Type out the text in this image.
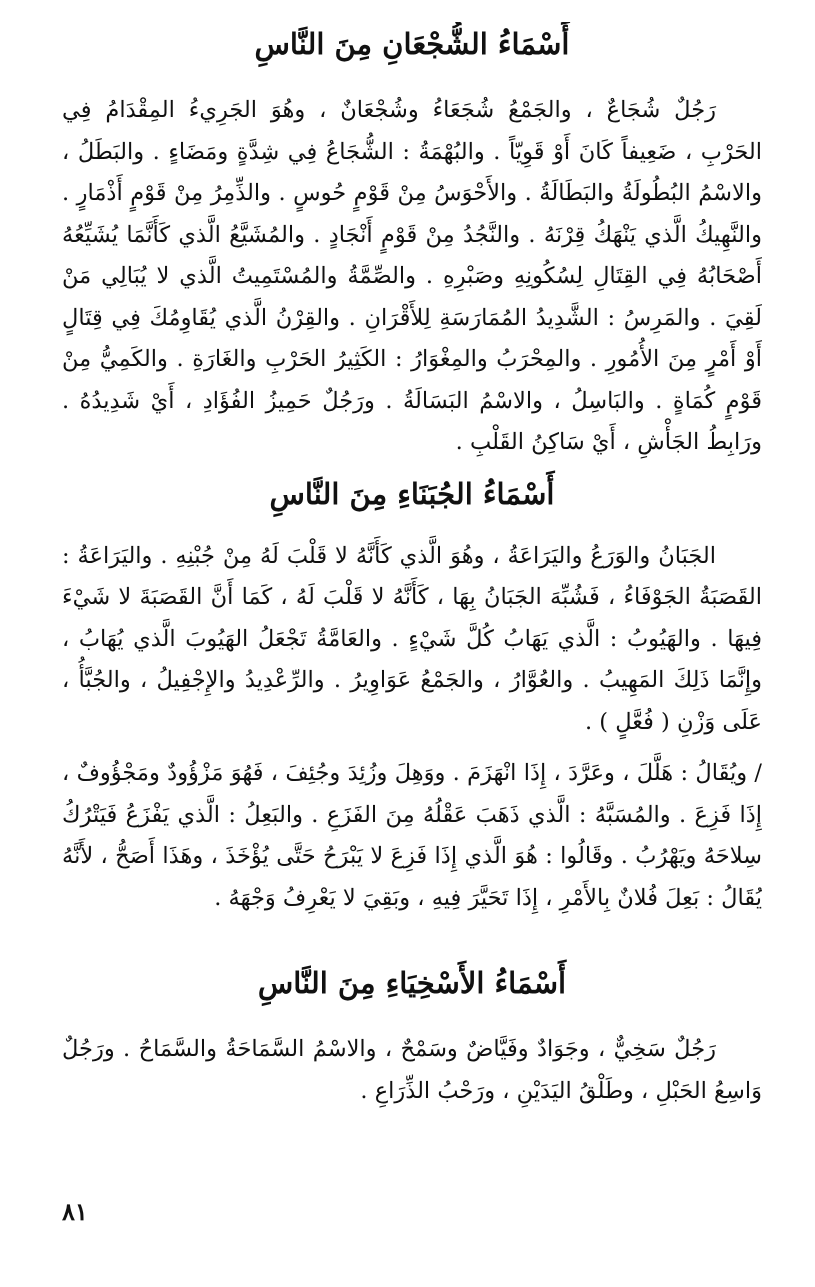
أَسْمَاءُ الشُّجْعَانِ مِنَ النَّاسِ

رَجُلٌ شُجَاعٌ ، والجَمْعُ شُجَعَاءُ وشُجْعَانٌ ، وهُوَ الجَرِيءُ المِقْدَامُ فِي الحَرْبِ ، ضَعِيفاً كَانَ أَوْ قَوِيّاً . والبُهْمَةُ : الشُّجَاعُ فِي شِدَّةٍ ومَضَاءٍ . والبَطَلُ ، والاسْمُ البُطُولَةُ والبَطَالَةُ . والأَحْوَسُ مِنْ قَوْمٍ حُوسٍ . والذِّمِرُ مِنْ قَوْمٍ أَذْمَارٍ . والنَّهِيكُ الَّذي يَنْهَكُ قِرْنَهُ . والنَّجُدُ مِنْ قَوْمٍ أَنْجَادٍ . والمُشَيَّعُ الَّذي كَأَنَّمَا يُشَيِّعُهُ أَصْحَابُهُ فِي القِتَالِ لِسُكُونِهِ وصَبْرِهِ . والصِّمَّةُ والمُسْتَمِيتُ الَّذي لا يُبَالِي مَنْ لَقِيَ . والمَرِسُ : الشَّدِيدُ المُمَارَسَةِ لِلأَقْرَانِ . والقِرْنُ الَّذي يُقَاوِمُكَ فِي قِتَالٍ أَوْ أَمْرٍ مِنَ الأُمُورِ . والمِحْرَبُ والمِغْوَارُ : الكَثِيرُ الحَرْبِ والغَارَةِ . والكَمِيُّ مِنْ قَوْمٍ كُمَاةٍ . والبَاسِلُ ، والاسْمُ البَسَالَةُ . ورَجُلٌ حَمِيزُ الفُؤَادِ ، أَيْ شَدِيدُهُ . ورَابِطُ الجَأْشِ ، أَيْ سَاكِنُ القَلْبِ .

أَسْمَاءُ الجُبَنَاءِ مِنَ النَّاسِ

الجَبَانُ والوَرَعُ واليَرَاعَةُ ، وهُوَ الَّذي كَأَنَّهُ لا قَلْبَ لَهُ مِنْ جُبْنِهِ . واليَرَاعَةُ : القَصَبَةُ الجَوْفَاءُ ، فَشُبِّهَ الجَبَانُ بِهَا ، كَأَنَّهُ لا قَلْبَ لَهُ ، كَمَا أَنَّ القَصَبَةَ لا شَيْءَ فِيهَا . والهَيُوبُ : الَّذي يَهَابُ كُلَّ شَيْءٍ . والعَامَّةُ تَجْعَلُ الهَيُوبَ الَّذي يُهَابُ ، وإِنَّمَا ذَلِكَ المَهِيبُ . والعُوَّارُ ، والجَمْعُ عَوَاوِيرُ . والرِّعْدِيدُ والإِجْفِيلُ ، والجُبَّأُ ، عَلَى وَزْنِ ( فُعَّلٍ ) .

/ ويُقَالُ : هَلَّلَ ، وعَرَّدَ ، إِذَا انْهَزَمَ . ووَهِلَ وزُئِدَ وجُئِفَ ، فَهُوَ مَزْؤُودٌ ومَجْؤُوفٌ ، إِذَا فَزِعَ . والمُسَبَّهُ : الَّذي ذَهَبَ عَقْلُهُ مِنَ الفَزَعِ . والبَعِلُ : الَّذي يَفْزَعُ فَيَتْرُكُ سِلاحَهُ ويَهْرُبُ . وقَالُوا : هُوَ الَّذي إِذَا فَزِعَ لا يَبْرَحُ حَتَّى يُؤْخَذَ ، وهَذَا أَصَحُّ ، لأَنَّهُ يُقَالُ : بَعِلَ فُلانٌ بِالأَمْرِ ، إِذَا تَحَيَّرَ فِيهِ ، وبَقِيَ لا يَعْرِفُ وَجْهَهُ .

أَسْمَاءُ الأَسْخِيَاءِ مِنَ النَّاسِ

رَجُلٌ سَخِيٌّ ، وجَوَادٌ وفَيَّاضٌ وسَمْحٌ ، والاسْمُ السَّمَاحَةُ والسَّمَاحُ . ورَجُلٌ وَاسِعُ الحَبْلِ ، وطَلْقُ اليَدَيْنِ ، ورَحْبُ الذِّرَاعِ .

٨١
